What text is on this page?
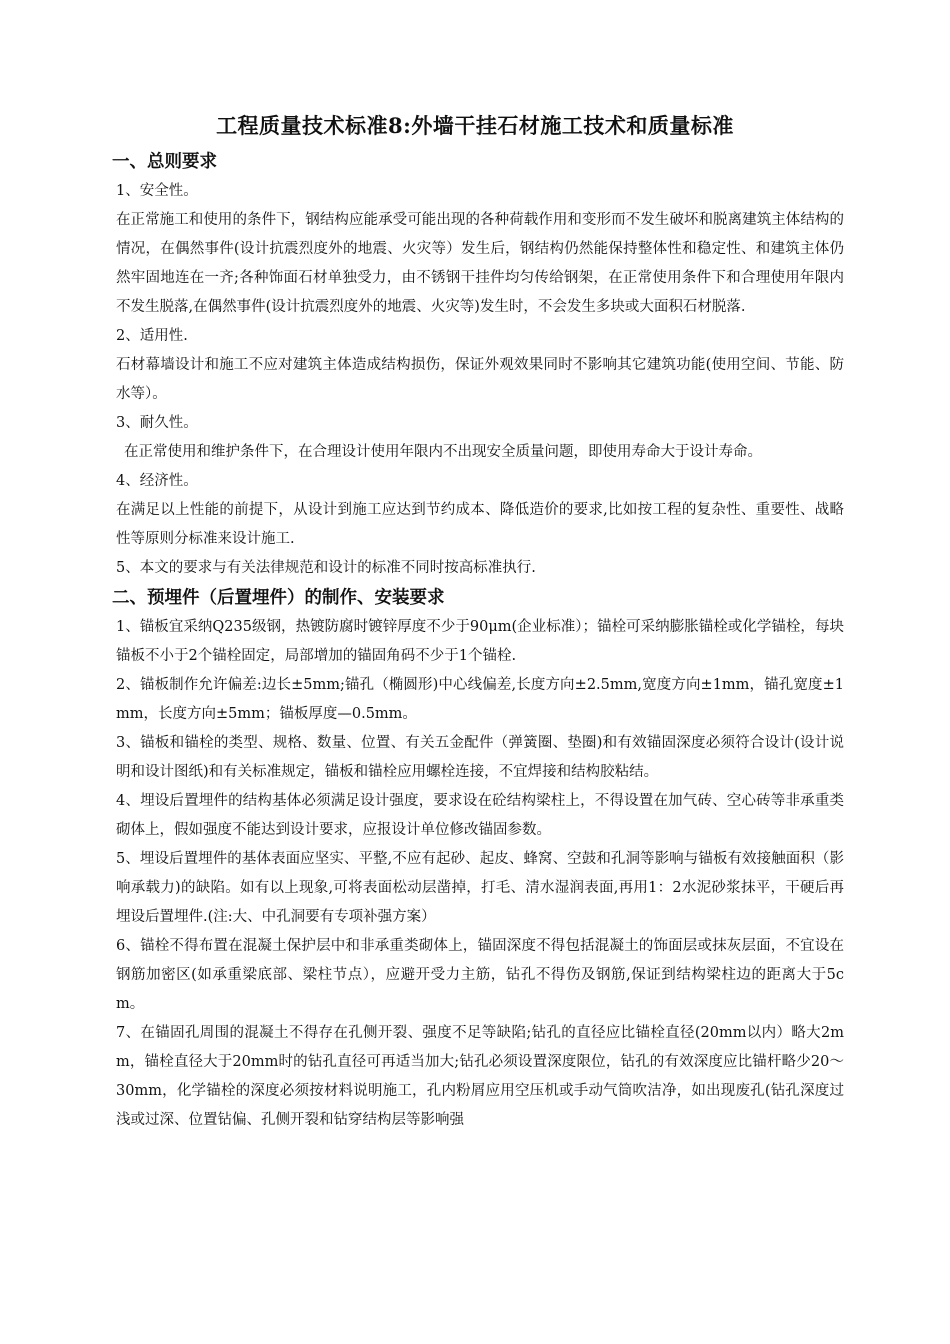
工程质量技术标准8:外墙干挂石材施工技术和质量标准
一、总则要求

1、安全性。

在正常施工和使用的条件下，钢结构应能承受可能出现的各种荷载作用和变形而不发生破坏和脱离建筑主体结构的情况，在偶然事件(设计抗震烈度外的地震、火灾等）发生后，钢结构仍然能保持整体性和稳定性、和建筑主体仍然牢固地连在一齐;各种饰面石材单独受力，由不锈钢干挂件均匀传给钢架，在正常使用条件下和合理使用年限内不发生脱落,在偶然事件(设计抗震烈度外的地震、火灾等)发生时，不会发生多块或大面积石材脱落.

2、适用性.

石材幕墙设计和施工不应对建筑主体造成结构损伤，保证外观效果同时不影响其它建筑功能(使用空间、节能、防水等）。

3、耐久性。

在正常使用和维护条件下，在合理设计使用年限内不出现安全质量问题，即使用寿命大于设计寿命。

4、经济性。

在满足以上性能的前提下，从设计到施工应达到节约成本、降低造价的要求,比如按工程的复杂性、重要性、战略性等原则分标准来设计施工.

5、本文的要求与有关法律规范和设计的标准不同时按高标准执行.

二、预埋件（后置埋件）的制作、安装要求

1、锚板宜采纳Q235级钢，热镀防腐时镀锌厚度不少于90μm(企业标准）；锚栓可采纳膨胀锚栓或化学锚栓，每块锚板不小于2个锚栓固定，局部增加的锚固角码不少于1个锚栓.

2、锚板制作允许偏差:边长±5mm;锚孔（椭圆形)中心线偏差,长度方向±2.5mm,宽度方向±1mm，锚孔宽度±1mm，长度方向±5mm；锚板厚度—0.5mm。

3、锚板和锚栓的类型、规格、数量、位置、有关五金配件（弹簧圈、垫圈)和有效锚固深度必须符合设计(设计说明和设计图纸)和有关标准规定，锚板和锚栓应用螺栓连接，不宜焊接和结构胶粘结。

4、埋设后置埋件的结构基体必须满足设计强度，要求设在砼结构梁柱上，不得设置在加气砖、空心砖等非承重类砌体上，假如强度不能达到设计要求，应报设计单位修改锚固参数。

5、埋设后置埋件的基体表面应坚实、平整,不应有起砂、起皮、蜂窝、空鼓和孔洞等影响与锚板有效接触面积（影响承载力)的缺陷。如有以上现象,可将表面松动层凿掉，打毛、清水湿润表面,再用1：2水泥砂浆抹平，干硬后再埋设后置埋件.(注:大、中孔洞要有专项补强方案）

6、锚栓不得布置在混凝土保护层中和非承重类砌体上，锚固深度不得包括混凝土的饰面层或抹灰层面，不宜设在钢筋加密区(如承重梁底部、梁柱节点），应避开受力主筋，钻孔不得伤及钢筋,保证到结构梁柱边的距离大于5cm。

7、在锚固孔周围的混凝土不得存在孔侧开裂、强度不足等缺陷;钻孔的直径应比锚栓直径(20mm以内）略大2mm，锚栓直径大于20mm时的钻孔直径可再适当加大;钻孔必须设置深度限位，钻孔的有效深度应比锚杆略少20～30mm，化学锚栓的深度必须按材料说明施工，孔内粉屑应用空压机或手动气筒吹洁净，如出现废孔(钻孔深度过浅或过深、位置钻偏、孔侧开裂和钻穿结构层等影响强
